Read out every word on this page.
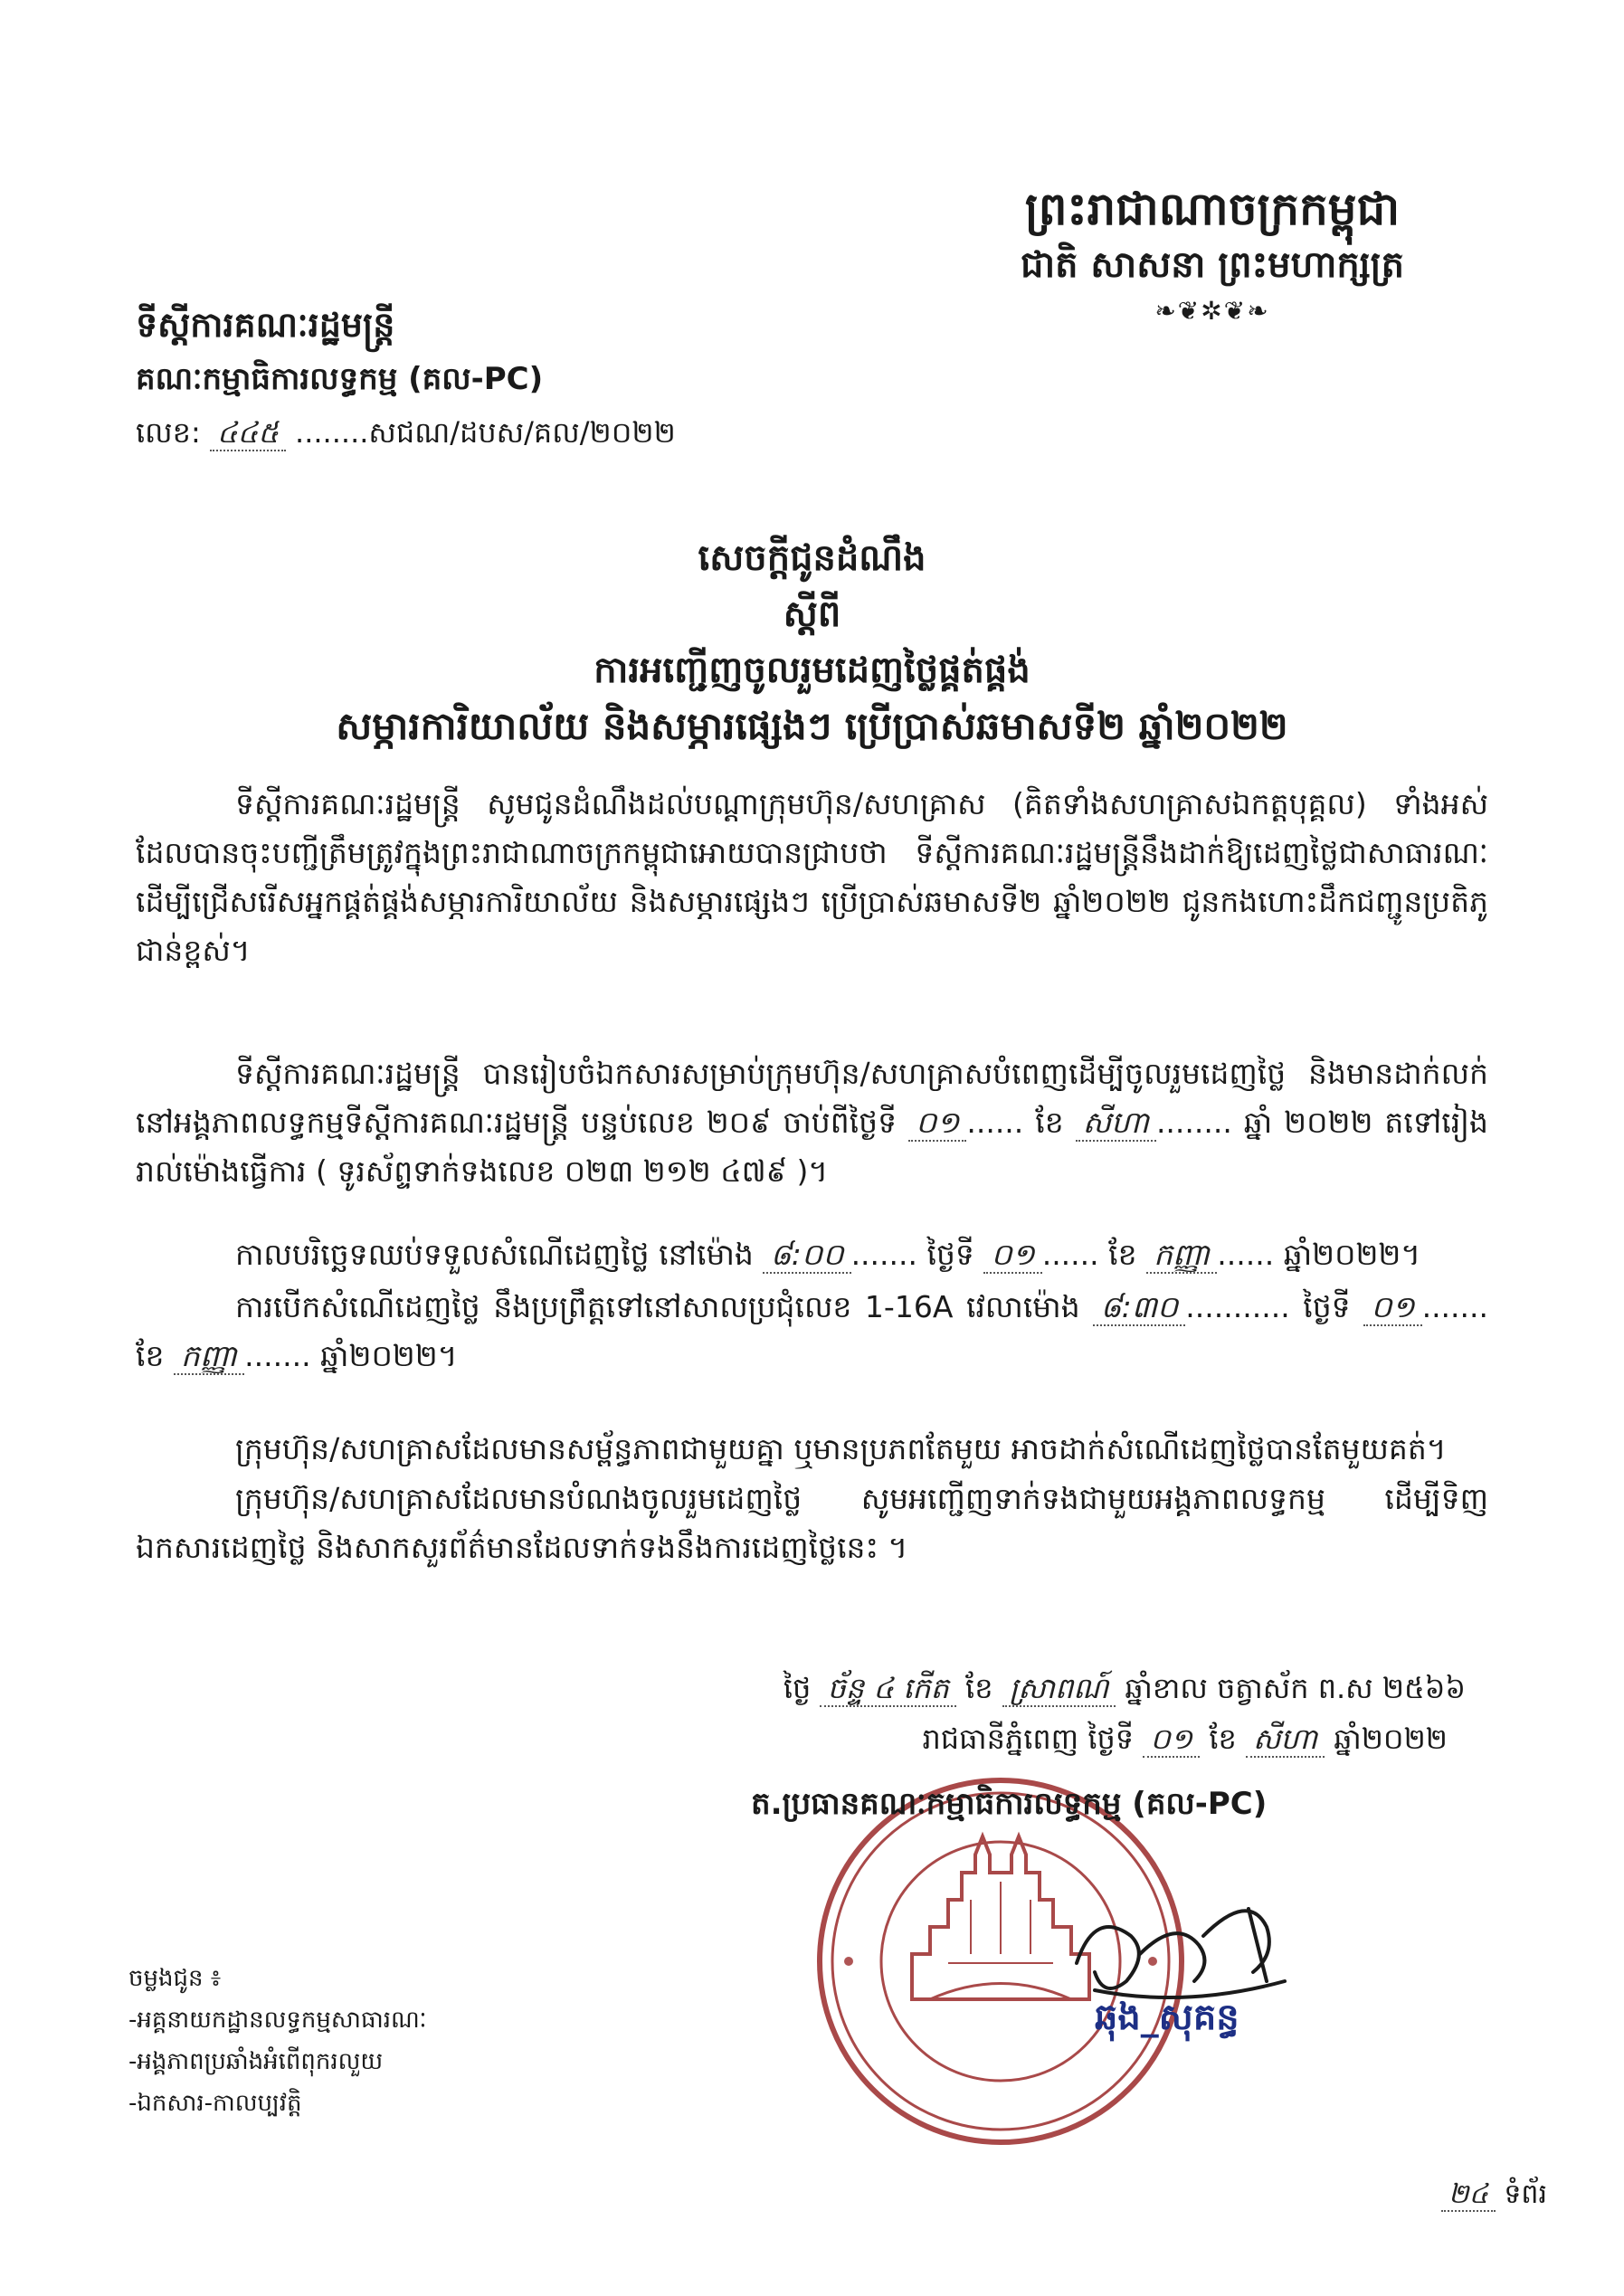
ព្រះរាជាណាចក្រកម្ពុជា
ជាតិ សាសនា ព្រះមហាក្សត្រ
❧❦✲❦❧
ទីស្ដីការគណៈរដ្ឋមន្ត្រី
គណៈកម្មាធិការលទ្ធកម្ម (គល-PC)
លេខ: ៤៤៥ ........សជណ/ដបស/គល/២០២២
សេចក្ដីជូនដំណឹង
ស្ដីពី
ការអញ្ជើញចូលរួមដេញថ្លៃផ្គត់ផ្គង់
សម្ភារការិយាល័យ និងសម្ភារផ្សេងៗ ប្រើប្រាស់ឆមាសទី២ ឆ្នាំ២០២២
ទីស្ដីការគណៈរដ្ឋមន្ត្រី សូមជូនដំណឹងដល់បណ្ដាក្រុមហ៊ុន/សហគ្រាស (គិតទាំងសហគ្រាសឯកត្តបុគ្គល) ទាំងអស់ដែលបានចុះបញ្ជីត្រឹមត្រូវក្នុងព្រះរាជាណាចក្រកម្ពុជាអោយបានជ្រាបថា ទីស្ដីការគណៈរដ្ឋមន្ត្រីនឹងដាក់ឱ្យដេញថ្លៃជាសាធារណៈដើម្បីជ្រើសរើសអ្នកផ្គត់ផ្គង់សម្ភារការិយាល័យ និងសម្ភារផ្សេងៗ ប្រើប្រាស់ឆមាសទី២ ឆ្នាំ២០២២ ជូនកងហោះដឹកជញ្ជូនប្រតិភូជាន់ខ្ពស់។
ទីស្ដីការគណៈរដ្ឋមន្ត្រី បានរៀបចំឯកសារសម្រាប់ក្រុមហ៊ុន/សហគ្រាសបំពេញដើម្បីចូលរួមដេញថ្លៃ និងមានដាក់លក់នៅអង្គភាពលទ្ធកម្មទីស្ដីការគណៈរដ្ឋមន្ត្រី បន្ទប់លេខ ២០៩ ចាប់ពីថ្ងៃទី ០១ ...... ខែ សីហា ........ ឆ្នាំ ២០២២ តទៅរៀងរាល់ម៉ោងធ្វើការ ( ទូរស័ព្ទទាក់ទងលេខ ០២៣ ២១២ ៤៧៩ )។
កាលបរិច្ឆេទឈប់ទទួលសំណើដេញថ្លៃ នៅម៉ោង ៨:០០ ....... ថ្ងៃទី ០១ ...... ខែ កញ្ញា ...... ឆ្នាំ២០២២។
ការបើកសំណើដេញថ្លៃ នឹងប្រព្រឹត្តទៅនៅសាលប្រជុំលេខ 1-16A វេលាម៉ោង ៨:៣០ ........... ថ្ងៃទី ០១ ....... ខែ កញ្ញា ....... ឆ្នាំ២០២២។
ក្រុមហ៊ុន/សហគ្រាសដែលមានសម្ព័ន្ធភាពជាមួយគ្នា ឬមានប្រភពតែមួយ អាចដាក់សំណើដេញថ្លៃបានតែមួយគត់។
ក្រុមហ៊ុន/សហគ្រាសដែលមានបំណងចូលរួមដេញថ្លៃ សូមអញ្ជើញទាក់ទងជាមួយអង្គភាពលទ្ធកម្ម ដើម្បីទិញឯកសារដេញថ្លៃ និងសាកសួរព័ត៌មានដែលទាក់ទងនឹងការដេញថ្លៃនេះ ។
ថ្ងៃ ច័ន្ទ ៤ កើត ខែ ស្រាពណ៍ ឆ្នាំខាល ចត្វាស័ក ព.ស ២៥៦៦
រាជធានីភ្នំពេញ ថ្ងៃទី ០១ ខែ សីហា ឆ្នាំ២០២២
ត.ប្រធានគណៈកម្មាធិការលទ្ធកម្ម (គល-PC)
ឆុង_សុគន្ធ
ចម្លងជូន ៖
-អគ្គនាយកដ្ឋានលទ្ធកម្មសាធារណៈ
-អង្គភាពប្រឆាំងអំពើពុករលួយ
-ឯកសារ-កាលប្បវត្តិ
២៤ ទំព័រ
